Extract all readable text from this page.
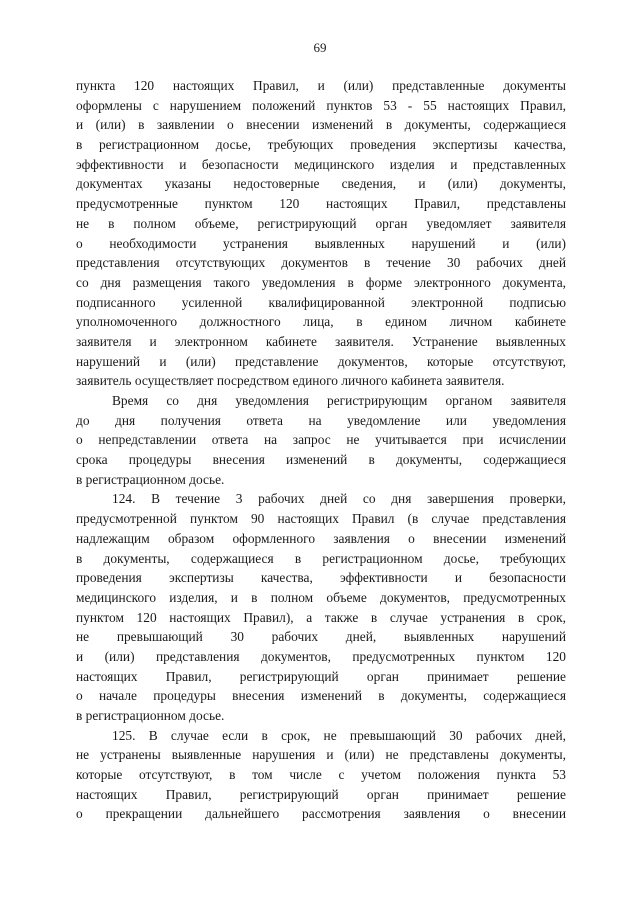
69
пункта 120 настоящих Правил, и (или) представленные документы
оформлены с нарушением положений пунктов 53 - 55 настоящих Правил,
и (или) в заявлении о внесении изменений в документы, содержащиеся
в регистрационном досье, требующих проведения экспертизы качества,
эффективности и безопасности медицинского изделия и представленных
документах указаны недостоверные сведения, и (или) документы,
предусмотренные пунктом 120 настоящих Правил, представлены
не в полном объеме, регистрирующий орган уведомляет заявителя
о необходимости устранения выявленных нарушений и (или)
представления отсутствующих документов в течение 30 рабочих дней
со дня размещения такого уведомления в форме электронного документа,
подписанного усиленной квалифицированной электронной подписью
уполномоченного должностного лица, в едином личном кабинете
заявителя и электронном кабинете заявителя. Устранение выявленных
нарушений и (или) представление документов, которые отсутствуют,
заявитель осуществляет посредством единого личного кабинета заявителя.
Время со дня уведомления регистрирующим органом заявителя
до дня получения ответа на уведомление или уведомления
о непредставлении ответа на запрос не учитывается при исчислении
срока процедуры внесения изменений в документы, содержащиеся
в регистрационном досье.
124. В течение 3 рабочих дней со дня завершения проверки,
предусмотренной пунктом 90 настоящих Правил (в случае представления
надлежащим образом оформленного заявления о внесении изменений
в документы, содержащиеся в регистрационном досье, требующих
проведения экспертизы качества, эффективности и безопасности
медицинского изделия, и в полном объеме документов, предусмотренных
пунктом 120 настоящих Правил), а также в случае устранения в срок,
не превышающий 30 рабочих дней, выявленных нарушений
и (или) представления документов, предусмотренных пунктом 120
настоящих Правил, регистрирующий орган принимает решение
о начале процедуры внесения изменений в документы, содержащиеся
в регистрационном досье.
125. В случае если в срок, не превышающий 30 рабочих дней,
не устранены выявленные нарушения и (или) не представлены документы,
которые отсутствуют, в том числе с учетом положения пункта 53
настоящих Правил, регистрирующий орган принимает решение
о прекращении дальнейшего рассмотрения заявления о внесении
